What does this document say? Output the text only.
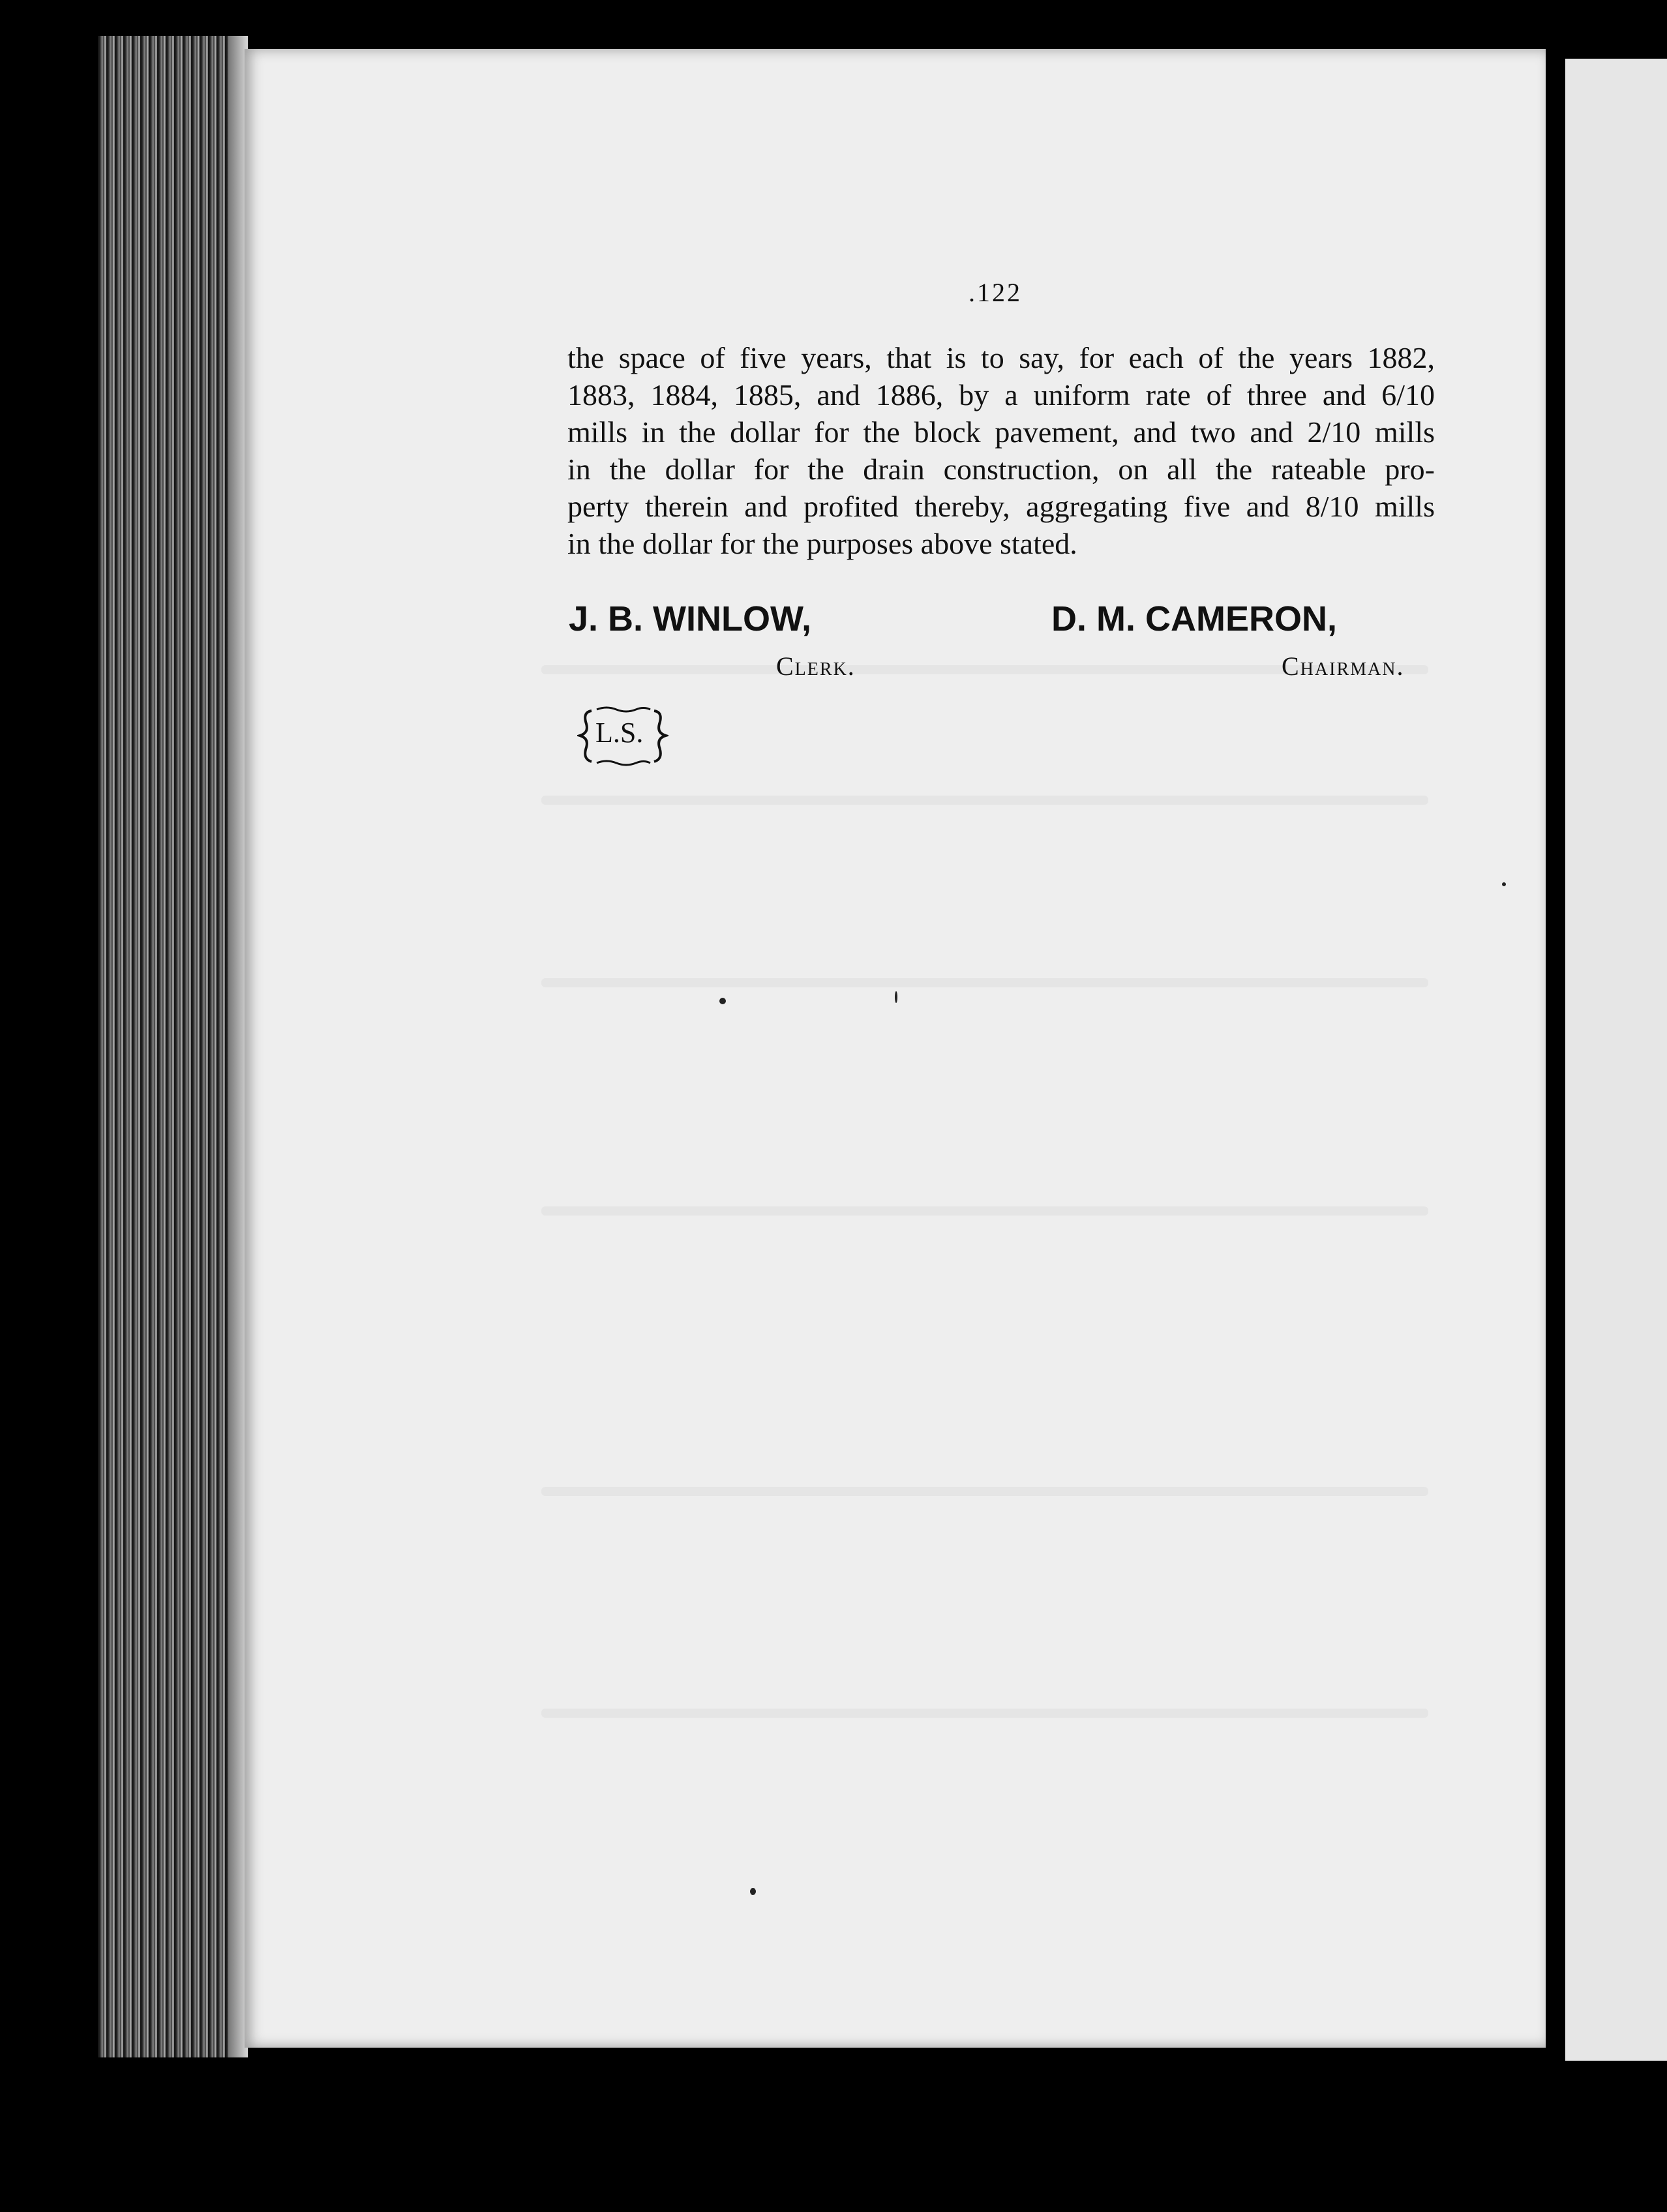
.122
the space of five years, that is to say, for each of the years 1882,
1883, 1884, 1885, and 1886, by a uniform rate of three and 6/10
mills in the dollar for the block pavement, and two and 2/10 mills
in the dollar for the drain construction, on all the rateable pro-
perty therein and profited thereby, aggregating five and 8/10 mills
in the dollar for the purposes above stated.
J. B. WINLOW,
Clerk.
D. M. CAMERON,
Chairman.
L.S.
